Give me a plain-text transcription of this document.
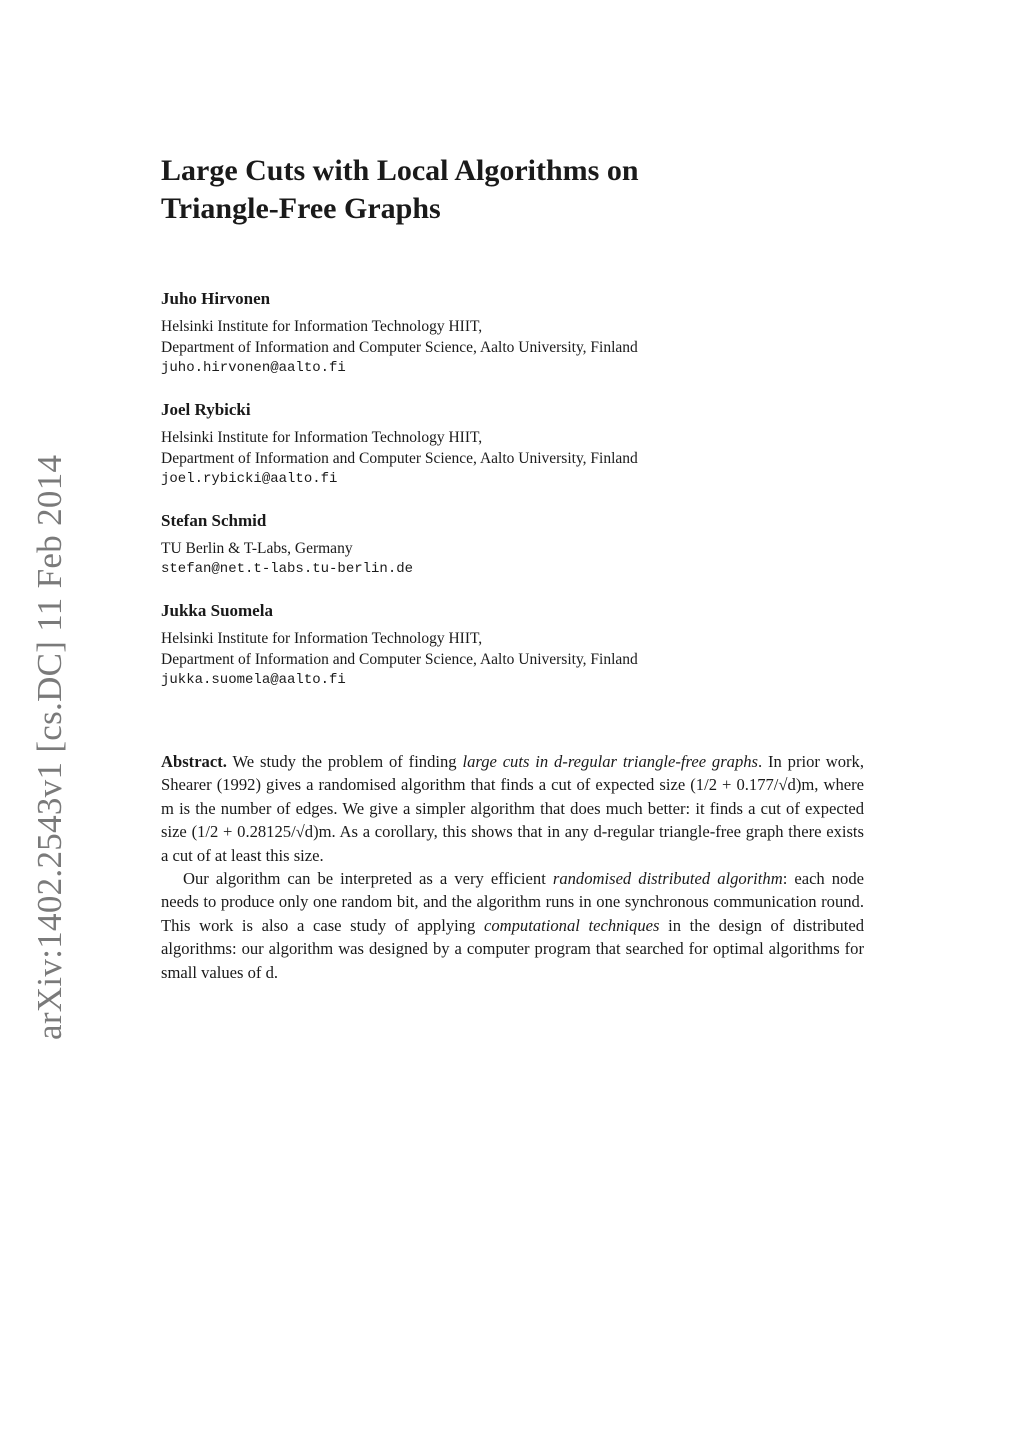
arXiv:1402.2543v1 [cs.DC] 11 Feb 2014
Large Cuts with Local Algorithms on
Triangle-Free Graphs

Juho Hirvonen

Helsinki Institute for Information Technology HIIT,

Department of Information and Computer Science, Aalto University, Finland

juho.hirvonen@aalto.fi

Joel Rybicki

Helsinki Institute for Information Technology HIIT,

Department of Information and Computer Science, Aalto University, Finland

joel.rybicki@aalto.fi

Stefan Schmid

TU Berlin & T-Labs, Germany

stefan@net.t-labs.tu-berlin.de

Jukka Suomela

Helsinki Institute for Information Technology HIIT,

Department of Information and Computer Science, Aalto University, Finland

jukka.suomela@aalto.fi

Abstract. We study the problem of finding large cuts in d-regular triangle-free graphs. In prior work, Shearer (1992) gives a randomised algorithm that finds a cut of expected size (1/2 + 0.177/√d)m, where m is the number of edges. We give a simpler algorithm that does much better: it finds a cut of expected size (1/2 + 0.28125/√d)m. As a corollary, this shows that in any d-regular triangle-free graph there exists a cut of at least this size.

Our algorithm can be interpreted as a very efficient randomised distributed algorithm: each node needs to produce only one random bit, and the algorithm runs in one synchronous communication round. This work is also a case study of applying computational techniques in the design of distributed algorithms: our algorithm was designed by a computer program that searched for optimal algorithms for small values of d.
